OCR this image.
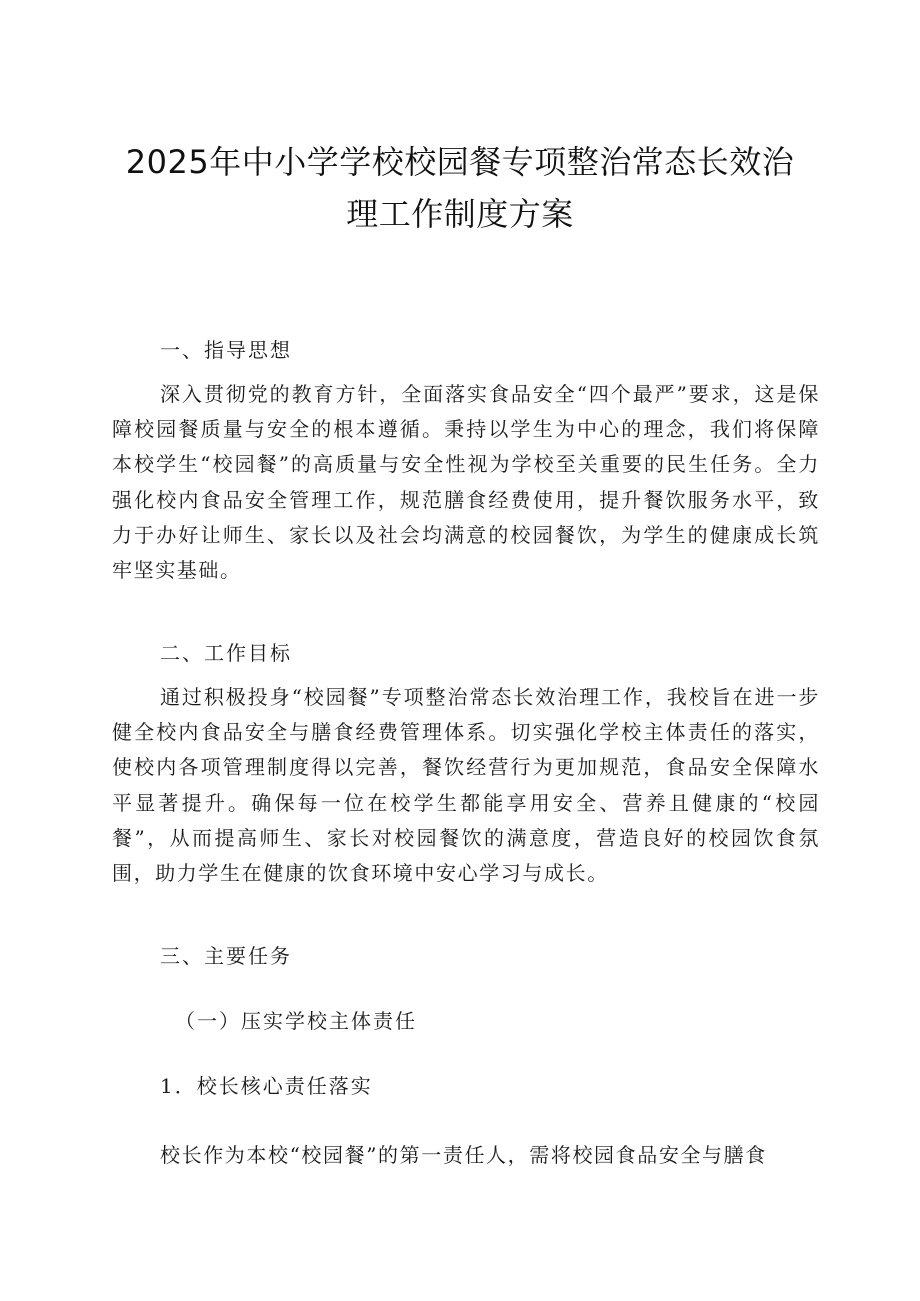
2025年中小学学校校园餐专项整治常态长效治
理工作制度方案
一、指导思想
深入贯彻党的教育方针，全面落实食品安全“四个最严”要求，这是保障校园餐质量与安全的根本遵循。秉持以学生为中心的理念，我们将保障本校学生“校园餐”的高质量与安全性视为学校至关重要的民生任务。全力强化校内食品安全管理工作，规范膳食经费使用，提升餐饮服务水平，致力于办好让师生、家长以及社会均满意的校园餐饮，为学生的健康成长筑牢坚实基础。
二、工作目标
通过积极投身“校园餐”专项整治常态长效治理工作，我校旨在进一步健全校内食品安全与膳食经费管理体系。切实强化学校主体责任的落实，使校内各项管理制度得以完善，餐饮经营行为更加规范，食品安全保障水平显著提升。确保每一位在校学生都能享用安全、营养且健康的“校园餐”，从而提高师生、家长对校园餐饮的满意度，营造良好的校园饮食氛围，助力学生在健康的饮食环境中安心学习与成长。
三、主要任务
（一）压实学校主体责任
1．校长核心责任落实
校长作为本校“校园餐”的第一责任人，需将校园食品安全与膳食
